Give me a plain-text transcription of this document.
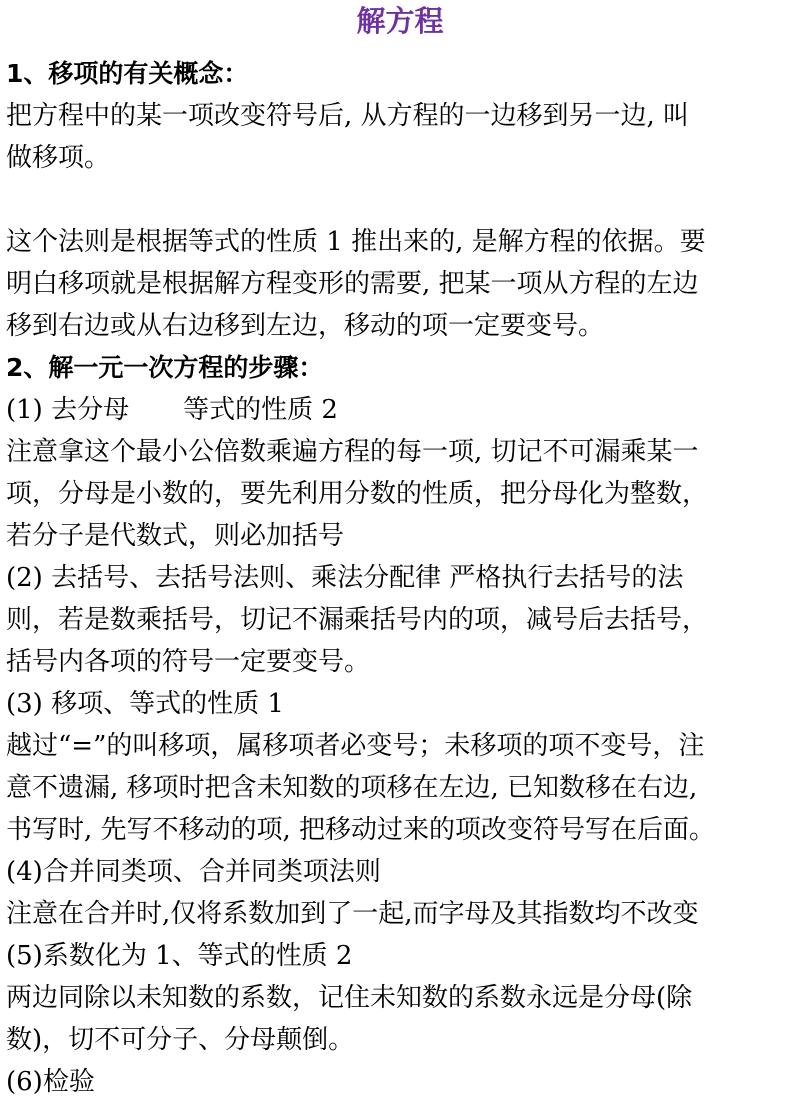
解方程
1、移项的有关概念：
把方程中的某一项改变符号后, 从方程的一边移到另一边, 叫
做移项。
这个法则是根据等式的性质 1 推出来的, 是解方程的依据。要
明白移项就是根据解方程变形的需要, 把某一项从方程的左边
移到右边或从右边移到左边，移动的项一定要变号。
2、解一元一次方程的步骤：
(1) 去分母 等式的性质 2
注意拿这个最小公倍数乘遍方程的每一项, 切记不可漏乘某一
项，分母是小数的，要先利用分数的性质，把分母化为整数，
若分子是代数式，则必加括号
(2) 去括号、去括号法则、乘法分配律 严格执行去括号的法
则，若是数乘括号，切记不漏乘括号内的项，减号后去括号，
括号内各项的符号一定要变号。
(3) 移项、等式的性质 1
越过“=”的叫移项，属移项者必变号；未移项的项不变号，注
意不遗漏, 移项时把含未知数的项移在左边, 已知数移在右边,
书写时, 先写不移动的项, 把移动过来的项改变符号写在后面。
(4)合并同类项、合并同类项法则
注意在合并时,仅将系数加到了一起,而字母及其指数均不改变
(5)系数化为 1、等式的性质 2
两边同除以未知数的系数，记住未知数的系数永远是分母(除
数)，切不可分子、分母颠倒。
(6)检验
